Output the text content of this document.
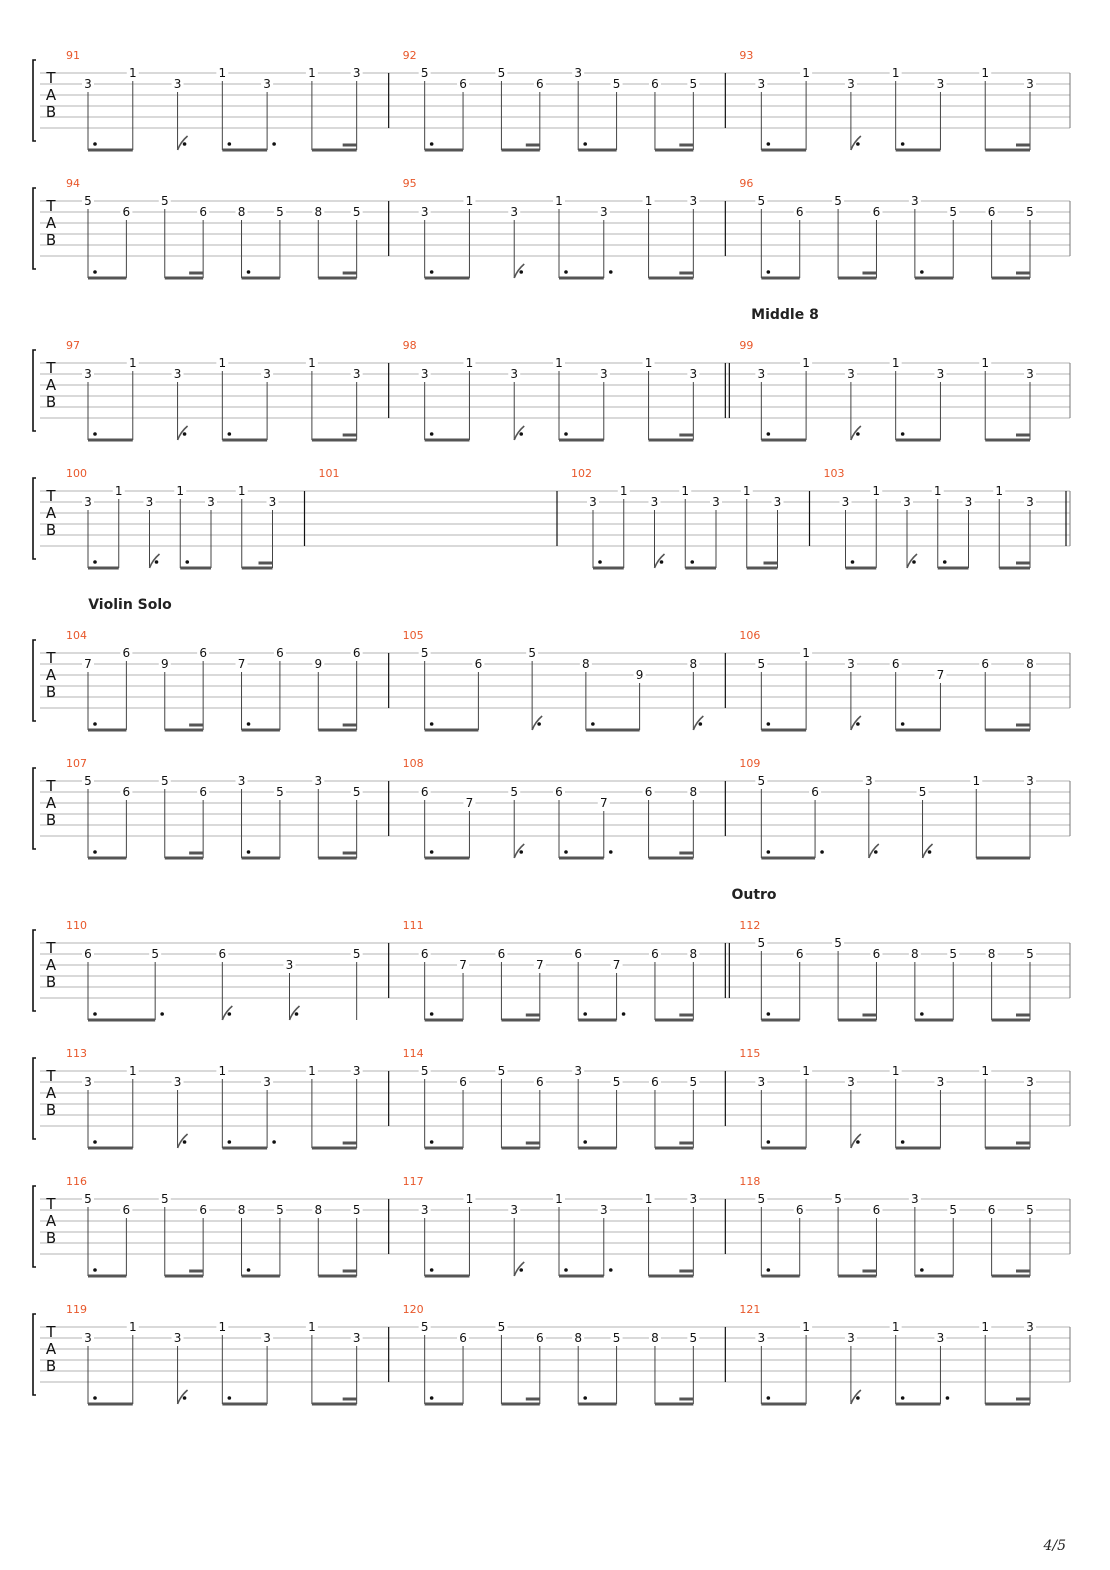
T
A
B
91
3
1
3
1
3
1	3
92
5
6
5
6
3
5	6	5
93
3
1
3
1
3
1
3
T
A
B
94
5
6
5
6	8	5	8	5
95
3
1
3
1
3
1	3
96
5
6
5
6
3
5	6	5
T
A
B
97
3
1
3
1
3
1
3
98
3
1
3
1
3
1
3
99
Middle 8
3
1
3
1
3
1
3
T
A
B
100
3
1
3
1
3
1
3
101	102
3
1
3
1
3
1
3
103
3
1
3
1
3
1
3
T
A
B
104
Violin Solo
7
6
9
6
7
6
9
6
105
5
6
5
8
9
8
106
5
1
3	6
7
6	8
T
A
B
107
5
6
5
6
3
5
3
5
108
6
7
5	6
7
6	8
109
5
6
3
5
1	3
T
A
B
110
6	5	6
3
5
111
6
7
6
7
6
7
6	8
112
Outro
5
6
5
6	8	5	8	5
T
A
B
113
3
1
3
1
3
1	3
114
5
6
5
6
3
5	6	5
115
3
1
3
1
3
1
3
T
A
B
116
5
6
5
6	8	5	8	5
117
3
1
3
1
3
1	3
118
5
6
5
6
3
5	6	5
T
A
B
119
3
1
3
1
3
1
3
120
5
6
5
6	8	5	8	5
121
3
1
3
1
3
1	3
4/5
